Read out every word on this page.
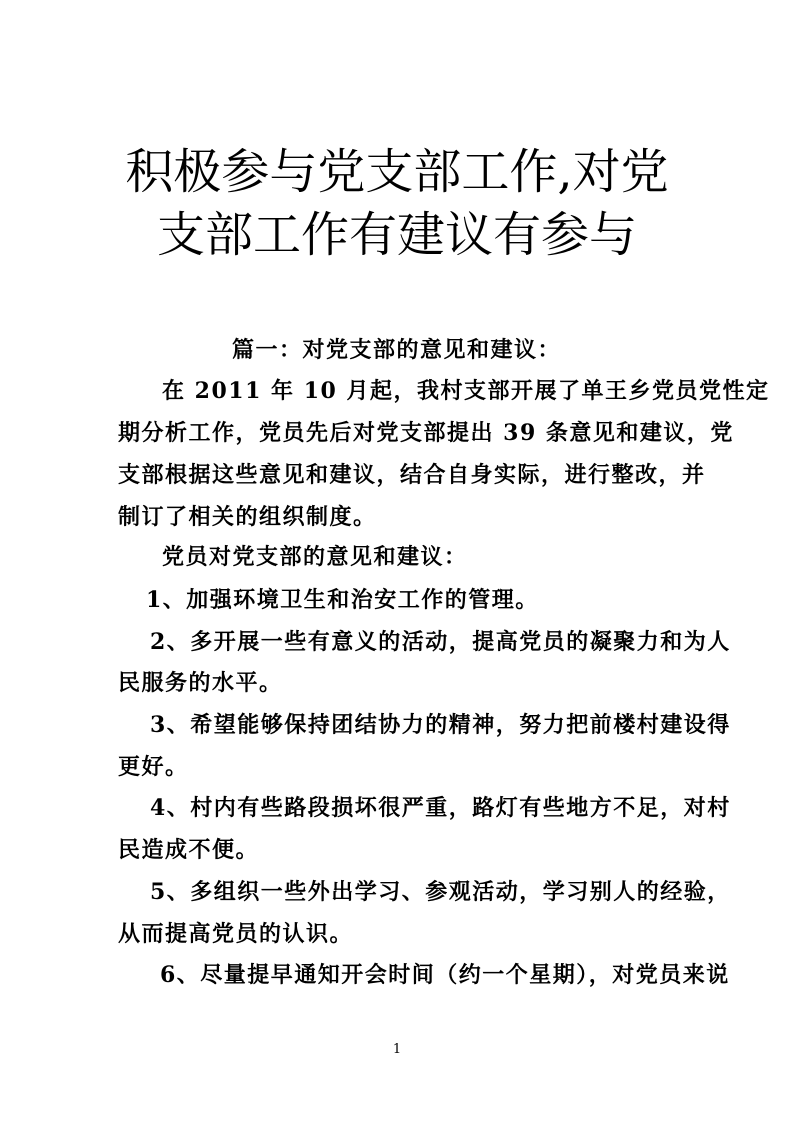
积极参与党支部工作,对党
支部工作有建议有参与
篇一：对党支部的意见和建议：
在 2011 年 10 月起，我村支部开展了单王乡党员党性定
期分析工作，党员先后对党支部提出 39 条意见和建议，党
支部根据这些意见和建议，结合自身实际，进行整改，并
制订了相关的组织制度。
党员对党支部的意见和建议：
1、加强环境卫生和治安工作的管理。
2、多开展一些有意义的活动，提高党员的凝聚力和为人
民服务的水平。
3、希望能够保持团结协力的精神，努力把前楼村建设得
更好。
4、村内有些路段损坏很严重，路灯有些地方不足，对村
民造成不便。
5、多组织一些外出学习、参观活动，学习别人的经验，
从而提高党员的认识。
6、尽量提早通知开会时间（约一个星期），对党员来说
1
